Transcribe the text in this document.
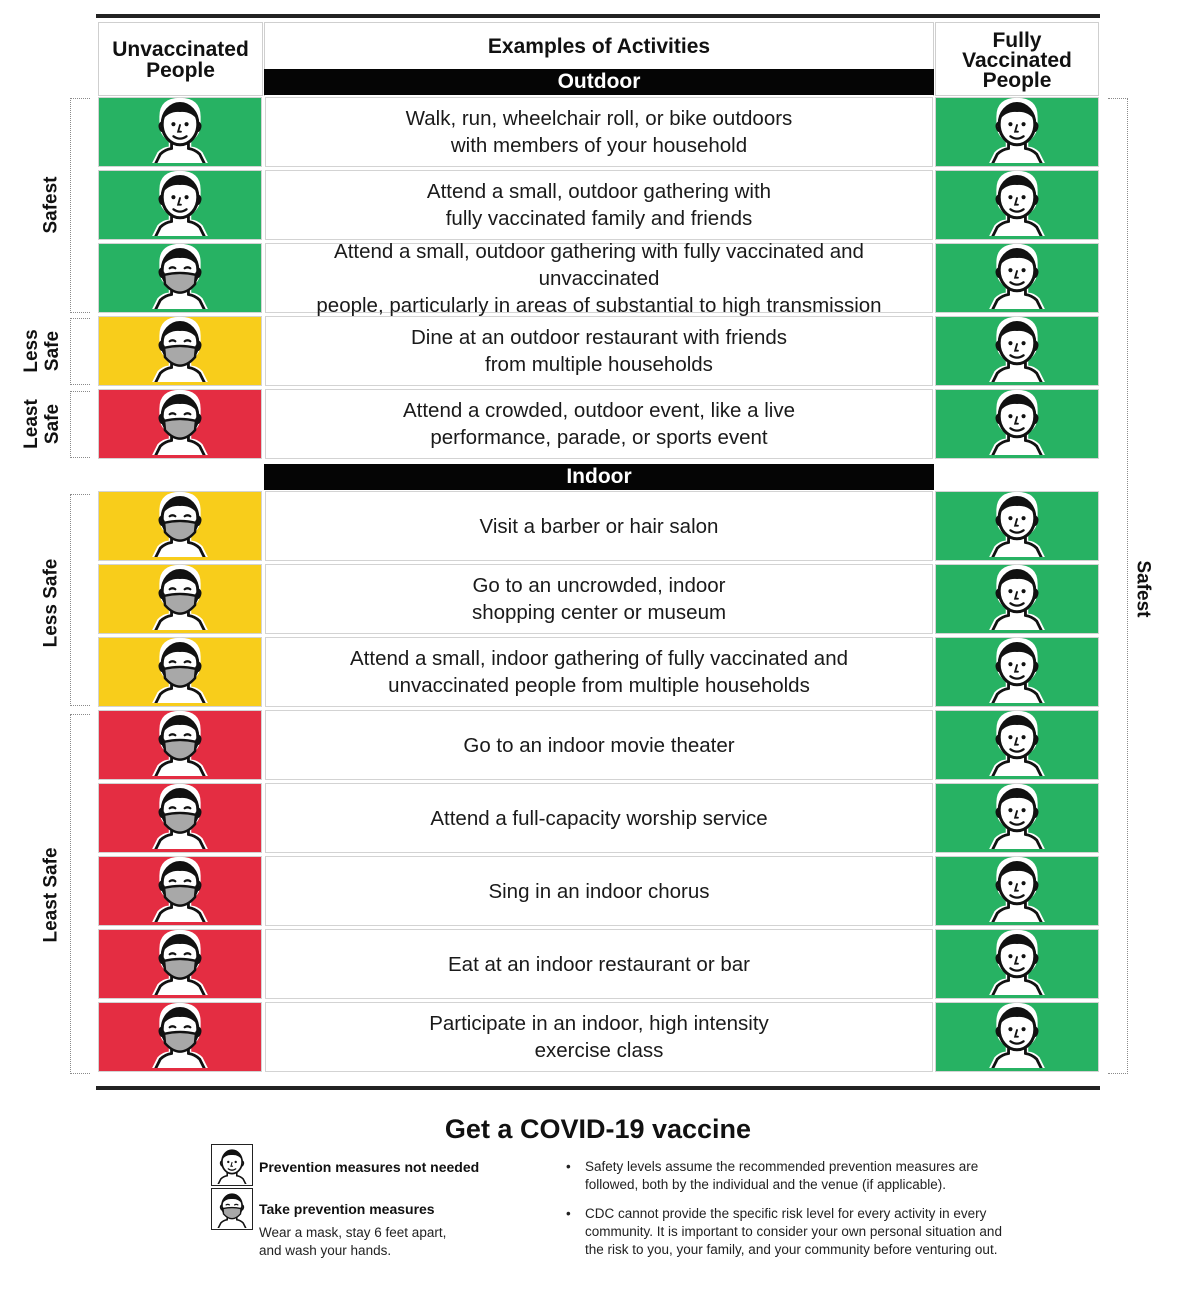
Unvaccinated People
Examples of Activities	Fully Vaccinated People
Outdoor
Indoor
Walk, run, wheelchair roll, or bike outdoors
with members of your household
Attend a small, outdoor gathering with
fully vaccinated family and friends
Attend a small, outdoor gathering with fully vaccinated and unvaccinated
people, particularly in areas of substantial to high transmission
Dine at an outdoor restaurant with friends
from multiple households
Attend a crowded, outdoor event, like a live
performance, parade, or sports event
Visit a barber or hair salon
Go to an uncrowded, indoor
shopping center or museum
Attend a small, indoor gathering of fully vaccinated and
unvaccinated people from multiple households
Go to an indoor movie theater
Attend a full-capacity worship service
Sing in an indoor chorus
Eat at an indoor restaurant or bar
Participate in an indoor, high intensity
exercise class
Safest
Less Safe
Least Safe
Less Safe
Least Safe
Safest
Get a COVID-19 vaccine
Prevention measures not needed
Take prevention measures
Wear a mask, stay 6 feet apart,
and wash your hands.
• Safety levels assume the recommended prevention measures are followed, both by the individual and the venue (if applicable).
• CDC cannot provide the specific risk level for every activity in every community. It is important to consider your own personal situation and the risk to you, your family, and your community before venturing out.
